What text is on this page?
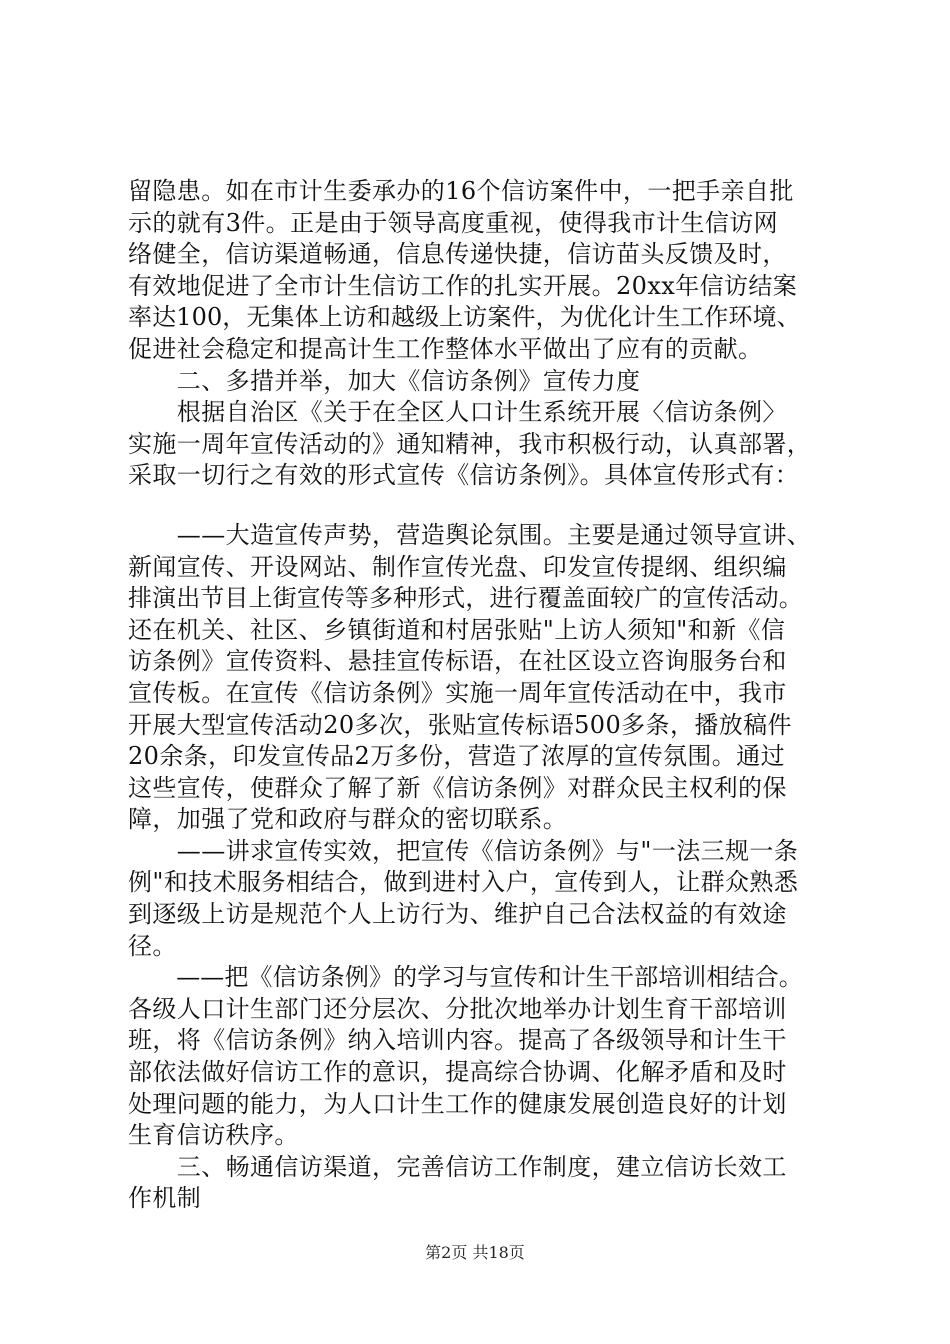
留隐患。如在市计生委承办的16个信访案件中，一把手亲自批
示的就有3件。正是由于领导高度重视，使得我市计生信访网
络健全，信访渠道畅通，信息传递快捷，信访苗头反馈及时，
有效地促进了全市计生信访工作的扎实开展。20xx年信访结案
率达100，无集体上访和越级上访案件，为优化计生工作环境、
促进社会稳定和提高计生工作整体水平做出了应有的贡献。
　　二、多措并举，加大《信访条例》宣传力度
　　根据自治区《关于在全区人口计生系统开展〈信访条例〉
实施一周年宣传活动的》通知精神，我市积极行动，认真部署，
采取一切行之有效的形式宣传《信访条例》。具体宣传形式有：
　　——大造宣传声势，营造舆论氛围。主要是通过领导宣讲、
新闻宣传、开设网站、制作宣传光盘、印发宣传提纲、组织编
排演出节目上街宣传等多种形式，进行覆盖面较广的宣传活动。
还在机关、社区、乡镇街道和村居张贴"上访人须知"和新《信
访条例》宣传资料、悬挂宣传标语，在社区设立咨询服务台和
宣传板。在宣传《信访条例》实施一周年宣传活动在中，我市
开展大型宣传活动20多次，张贴宣传标语500多条，播放稿件
20余条，印发宣传品2万多份，营造了浓厚的宣传氛围。通过
这些宣传，使群众了解了新《信访条例》对群众民主权利的保
障，加强了党和政府与群众的密切联系。
　　——讲求宣传实效，把宣传《信访条例》与"一法三规一条
例"和技术服务相结合，做到进村入户，宣传到人，让群众熟悉
到逐级上访是规范个人上访行为、维护自己合法权益的有效途
径。
　　——把《信访条例》的学习与宣传和计生干部培训相结合。
各级人口计生部门还分层次、分批次地举办计划生育干部培训
班，将《信访条例》纳入培训内容。提高了各级领导和计生干
部依法做好信访工作的意识，提高综合协调、化解矛盾和及时
处理问题的能力，为人口计生工作的健康发展创造良好的计划
生育信访秩序。
　　三、畅通信访渠道，完善信访工作制度，建立信访长效工
作机制
第2页 共18页
